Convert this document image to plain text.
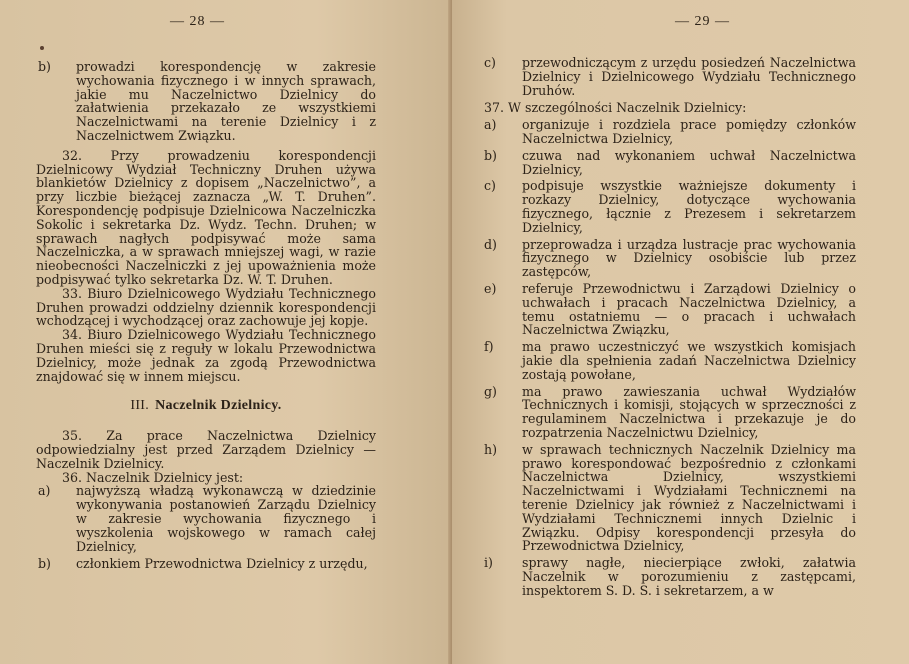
— 28 —
b) prowadzi korespondencję w zakresie wychowania fizycznego i w innych sprawach, jakie mu Naczelnictwo Dzielnicy do załatwienia przekazało ze wszystkiemi Naczelnictwami na terenie Dzielnicy i z Naczelnictwem Związku.

32. Przy prowadzeniu korespondencji Dzielnicowy Wydział Techniczny Druhen używa blankietów Dzielnicy z dopisem „Naczelnictwo”, a przy liczbie bieżącej zaznacza „W. T. Druhen”. Korespondencję podpisuje Dzielnicowa Naczelniczka Sokolic i sekretarka Dz. Wydz. Techn. Druhen; w sprawach nagłych podpisywać może sama Naczelniczka, a w sprawach mniejszej wagi, w razie nieobecności Naczelniczki z jej upoważnienia może podpisywać tylko sekretarka Dz. W. T. Druhen.

33. Biuro Dzielnicowego Wydziału Technicznego Druhen prowadzi oddzielny dziennik korespondencji wchodzącej i wychodzącej oraz zachowuje jej kopje.

34. Biuro Dzielnicowego Wydziału Technicznego Druhen mieści się z reguły w lokalu Przewodnictwa Dzielnicy, może jednak za zgodą Przewodnictwa znajdować się w innem miejscu.

III. Naczelnik Dzielnicy.

35. Za prace Naczelnictwa Dzielnicy odpowiedzialny jest przed Zarządem Dzielnicy — Naczelnik Dzielnicy.

36. Naczelnik Dzielnicy jest:

a) najwyższą władzą wykonawczą w dziedzinie wykonywania postanowień Zarządu Dzielnicy w zakresie wychowania fizycznego i wyszkolenia wojskowego w ramach całej Dzielnicy,
b) członkiem Przewodnictwa Dzielnicy z urzędu,
— 29 —
c) przewodniczącym z urzędu posiedzeń Naczelnictwa Dzielnicy i Dzielnicowego Wydziału Technicznego Druhów.

37. W szczególności Naczelnik Dzielnicy:

a) organizuje i rozdziela prace pomiędzy członków Naczelnictwa Dzielnicy,
b) czuwa nad wykonaniem uchwał Naczelnictwa Dzielnicy,
c) podpisuje wszystkie ważniejsze dokumenty i rozkazy Dzielnicy, dotyczące wychowania fizycznego, łącznie z Prezesem i sekretarzem Dzielnicy,
d) przeprowadza i urządza lustracje prac wychowania fizycznego w Dzielnicy osobiście lub przez zastępców,
e) referuje Przewodnictwu i Zarządowi Dzielnicy o uchwałach i pracach Naczelnictwa Dzielnicy, a temu ostatniemu — o pracach i uchwałach Naczelnictwa Związku,
f) ma prawo uczestniczyć we wszystkich komisjach jakie dla spełnienia zadań Naczelnictwa Dzielnicy zostają powołane,
g) ma prawo zawieszania uchwał Wydziałów Technicznych i komisji, stojących w sprzeczności z regulaminem Naczelnictwa i przekazuje je do rozpatrzenia Naczelnictwu Dzielnicy,
h) w sprawach technicznych Naczelnik Dzielnicy ma prawo korespondować bezpośrednio z członkami Naczelnictwa Dzielnicy, wszystkiemi Naczelnictwami i Wydziałami Technicznemi na terenie Dzielnicy jak również z Naczelnictwami i Wydziałami Technicznemi innych Dzielnic i Związku. Odpisy korespondencji przesyła do Przewodnictwa Dzielnicy,
i) sprawy nagłe, niecierpiące zwłoki, załatwia Naczelnik w porozumieniu z zastępcami, inspektorem S. D. S. i sekretarzem, a w
